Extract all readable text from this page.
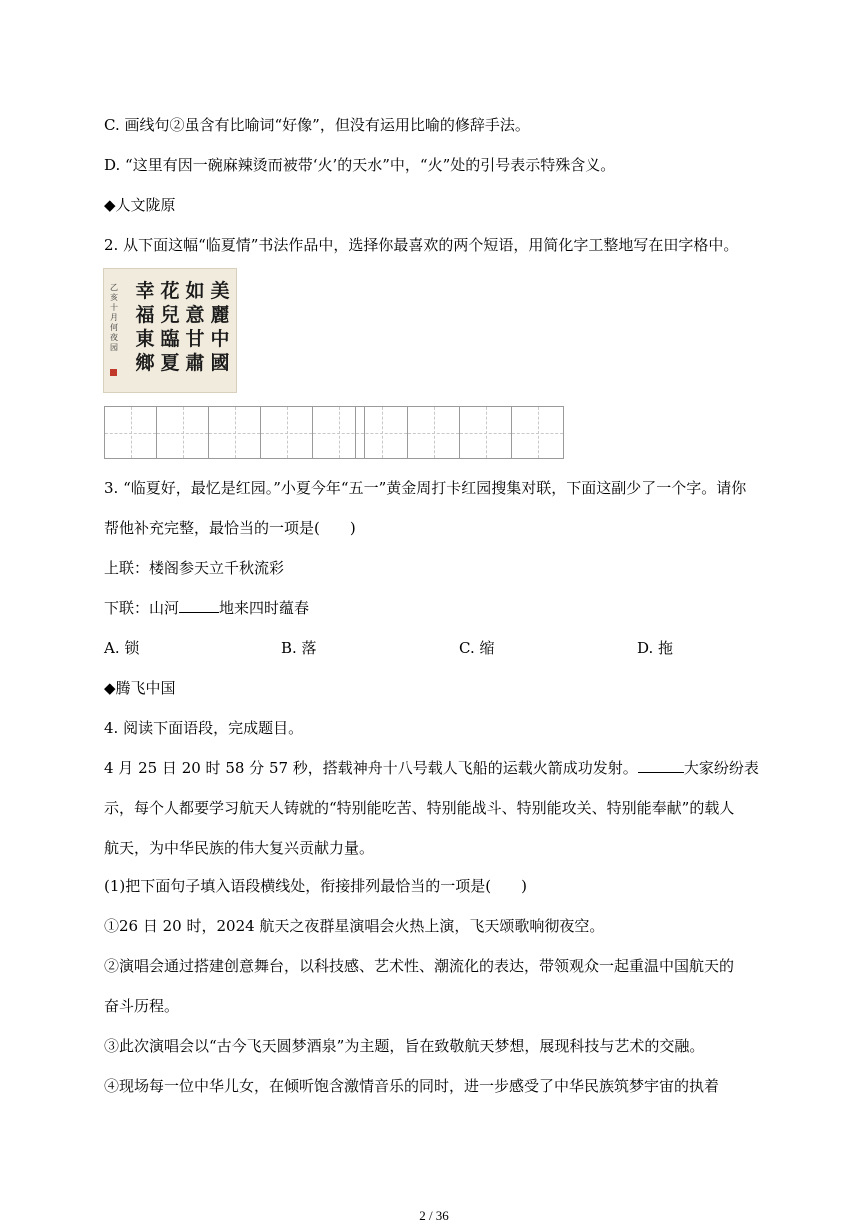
C. 画线句②虽含有比喻词“好像”，但没有运用比喻的修辞手法。
D. “这里有因一碗麻辣烫而被带‘火’的天水”中，“火”处的引号表示特殊含义。
◆人文陇原
2. 从下面这幅“临夏情”书法作品中，选择你最喜欢的两个短语，用简化字工整地写在田字格中。
美
麗
中
國
如
意
甘
肅
花
兒
臨
夏
幸
福
東
鄉
乙
亥
十
月
何
夜
园
3. “临夏好，最忆是红园。”小夏今年“五一”黄金周打卡红园搜集对联，下面这副少了一个字。请你
帮他补充完整，最恰当的一项是(　　)
上联：楼阁参天立千秋流彩
下联：山河	地来四时蕴春
A. 锁	B. 落	C. 缩	D. 拖
◆腾飞中国
4. 阅读下面语段，完成题目。
4 月 25 日 20 时 58 分 57 秒，搭载神舟十八号载人飞船的运载火箭成功发射。	大家纷纷表
示，每个人都要学习航天人铸就的“特别能吃苦、特别能战斗、特别能攻关、特别能奉献”的载人
航天，为中华民族的伟大复兴贡献力量。
(1)把下面句子填入语段横线处，衔接排列最恰当的一项是(　　)
①26 日 20 时，2024 航天之夜群星演唱会火热上演，飞天颂歌响彻夜空。
②演唱会通过搭建创意舞台，以科技感、艺术性、潮流化的表达，带领观众一起重温中国航天的
奋斗历程。
③此次演唱会以“古今飞天圆梦酒泉”为主题，旨在致敬航天梦想，展现科技与艺术的交融。
④现场每一位中华儿女，在倾听饱含激情音乐的同时，进一步感受了中华民族筑梦宇宙的执着
2 / 36
